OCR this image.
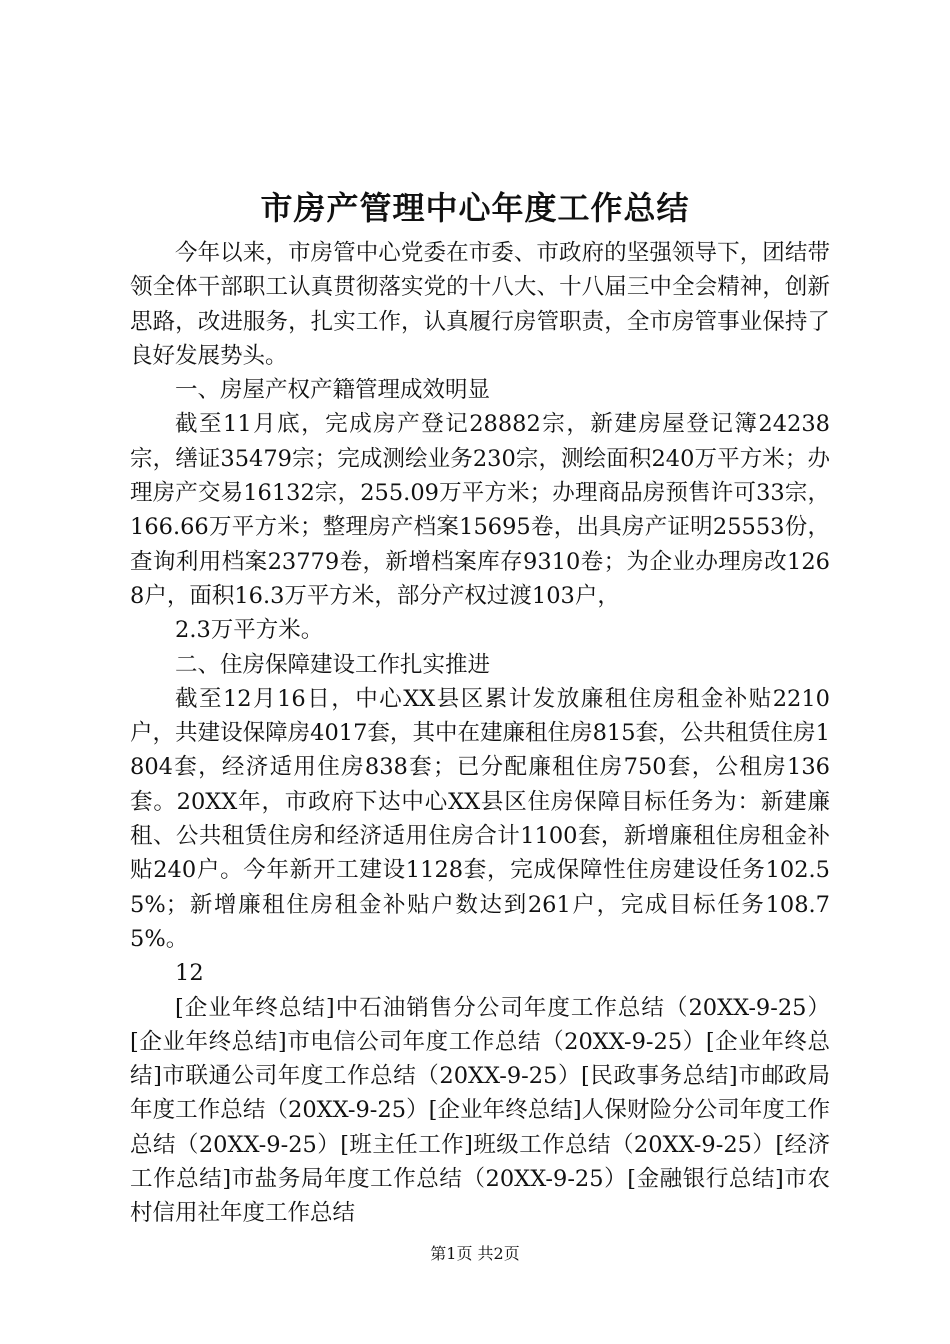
市房产管理中心年度工作总结

今年以来，市房管中心党委在市委、市政府的坚强领导下，团结带领全体干部职工认真贯彻落实党的十八大、十八届三中全会精神，创新思路，改进服务，扎实工作，认真履行房管职责，全市房管事业保持了良好发展势头。

一、房屋产权产籍管理成效明显

截至11月底，完成房产登记28882宗，新建房屋登记簿24238宗，缮证35479宗；完成测绘业务230宗，测绘面积240万平方米；办理房产交易16132宗，255.09万平方米；办理商品房预售许可33宗，166.66万平方米；整理房产档案15695卷，出具房产证明25553份，查询利用档案23779卷，新增档案库存9310卷；为企业办理房改1268户，面积16.3万平方米，部分产权过渡103户，

2.3万平方米。

二、住房保障建设工作扎实推进

截至12月16日，中心XX县区累计发放廉租住房租金补贴2210户，共建设保障房4017套，其中在建廉租住房815套，公共租赁住房1804套，经济适用住房838套；已分配廉租住房750套，公租房136套。20XX年，市政府下达中心XX县区住房保障目标任务为：新建廉租、公共租赁住房和经济适用住房合计1100套，新增廉租住房租金补贴240户。今年新开工建设1128套，完成保障性住房建设任务102.55%；新增廉租住房租金补贴户数达到261户，完成目标任务108.75%。

12

[企业年终总结]中石油销售分公司年度工作总结（20XX-9-25）[企业年终总结]市电信公司年度工作总结（20XX-9-25）[企业年终总结]市联通公司年度工作总结（20XX-9-25）[民政事务总结]市邮政局年度工作总结（20XX-9-25）[企业年终总结]人保财险分公司年度工作总结（20XX-9-25）[班主任工作]班级工作总结（20XX-9-25）[经济工作总结]市盐务局年度工作总结（20XX-9-25）[金融银行总结]市农村信用社年度工作总结

第1页 共2页
